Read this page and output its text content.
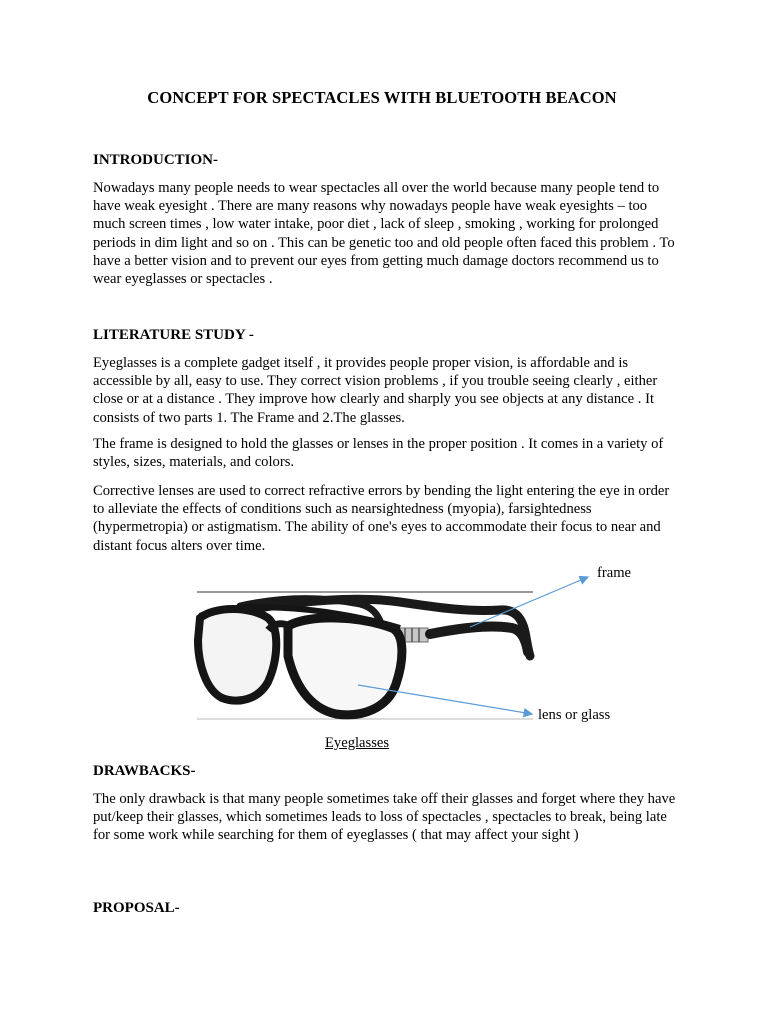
CONCEPT FOR SPECTACLES WITH BLUETOOTH BEACON
INTRODUCTION-
Nowadays many people needs to wear spectacles all over the world because many people tend to have weak eyesight . There are many reasons why nowadays people have weak eyesights – too much screen times , low water intake, poor diet , lack of sleep , smoking , working for prolonged periods in dim light and so on . This can be genetic too and old people often faced this problem . To have a better vision and to prevent our eyes from getting much damage doctors recommend us to wear eyeglasses or spectacles .
LITERATURE STUDY -
Eyeglasses is a complete gadget itself , it provides people proper vision, is affordable and is accessible by all, easy to use. They correct vision problems , if you trouble seeing clearly , either close or at a distance . They improve how clearly and sharply you see objects at any distance . It consists of two parts 1. The Frame and 2.The glasses.
The frame is designed to hold the glasses or lenses in the proper position . It comes in a variety of styles, sizes, materials, and colors.
Corrective lenses are used to correct refractive errors by bending the light entering the eye in order to alleviate the effects of conditions such as nearsightedness (myopia), farsightedness (hypermetropia) or astigmatism. The ability of one's eyes to accommodate their focus to near and distant focus alters over time.
frame
lens or glass
Eyeglasses
DRAWBACKS-
The only drawback is that many people sometimes take off their glasses and forget where they have put/keep their glasses, which sometimes leads to loss of spectacles , spectacles to break, being late for some work while searching for them of eyeglasses ( that may affect your sight )
PROPOSAL-
